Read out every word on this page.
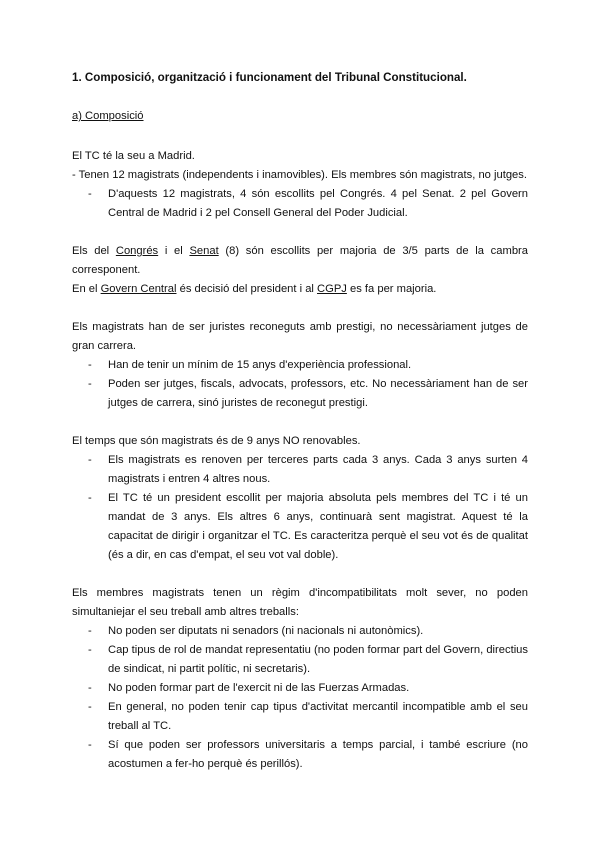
1. Composició, organització i funcionament del Tribunal Constitucional.
a) Composició
El TC té la seu a Madrid.
- Tenen 12 magistrats (independents i inamovibles). Els membres són magistrats, no jutges.
- D'aquests 12 magistrats, 4 són escollits pel Congrés. 4 pel Senat. 2 pel Govern Central de Madrid i 2 pel Consell General del Poder Judicial.
Els del Congrés i el Senat (8) són escollits per majoria de 3/5 parts de la cambra corresponent.
En el Govern Central és decisió del president i al CGPJ es fa per majoria.
Els magistrats han de ser juristes reconeguts amb prestigi, no necessàriament jutges de gran carrera.
- Han de tenir un mínim de 15 anys d'experiència professional.
- Poden ser jutges, fiscals, advocats, professors, etc. No necessàriament han de ser jutges de carrera, sinó juristes de reconegut prestigi.
El temps que són magistrats és de 9 anys NO renovables.
- Els magistrats es renoven per terceres parts cada 3 anys. Cada 3 anys surten 4 magistrats i entren 4 altres nous.
- El TC té un president escollit per majoria absoluta pels membres del TC i té un mandat de 3 anys. Els altres 6 anys, continuarà sent magistrat. Aquest té la capacitat de dirigir i organitzar el TC. Es caracteritza perquè el seu vot és de qualitat (és a dir, en cas d'empat, el seu vot val doble).
Els membres magistrats tenen un règim d'incompatibilitats molt sever, no poden simultaniejar el seu treball amb altres treballs:
- No poden ser diputats ni senadors (ni nacionals ni autonòmics).
- Cap tipus de rol de mandat representatiu (no poden formar part del Govern, directius de sindicat, ni partit polític, ni secretaris).
- No poden formar part de l'exercit ni de las Fuerzas Armadas.
- En general, no poden tenir cap tipus d'activitat mercantil incompatible amb el seu treball al TC.
- Sí que poden ser professors universitaris a temps parcial, i també escriure (no acostumen a fer-ho perquè és perillós).
